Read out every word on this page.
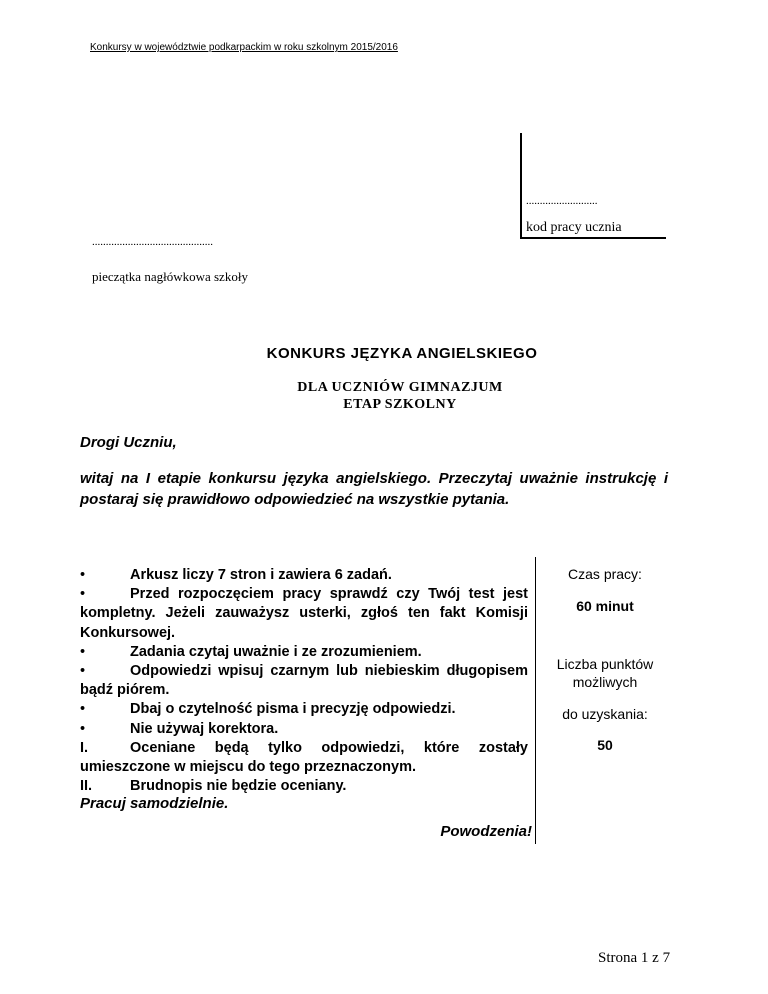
Konkursy w województwie podkarpackim w roku szkolnym 2015/2016
..........................
kod pracy ucznia
............................................
pieczątka nagłówkowa szkoły
KONKURS JĘZYKA ANGIELSKIEGO
DLA UCZNIÓW GIMNAZJUM
ETAP SZKOLNY
Drogi Uczniu,
witaj na I etapie konkursu języka angielskiego. Przeczytaj uważnie instrukcję i postaraj się prawidłowo odpowiedzieć na wszystkie pytania.

•	Arkusz liczy 7 stron i zawiera 6 zadań.

•	Przed rozpoczęciem pracy sprawdź czy Twój test jest kompletny. Jeżeli zauważysz usterki, zgłoś ten fakt Komisji Konkursowej.

•	Zadania czytaj uważnie i ze zrozumieniem.

•	Odpowiedzi wpisuj czarnym lub niebieskim długopisem bądź piórem.

•	Dbaj o czytelność pisma i precyzję odpowiedzi.

•	Nie używaj korektora.

I.	Oceniane będą tylko odpowiedzi, które zostały umieszczone w miejscu do tego przeznaczonym.

II.	Brudnopis nie będzie oceniany.

Czas pracy:
60 minut
Liczba punktów
możliwych
do uzyskania:
50
Pracuj samodzielnie.
Powodzenia!
Strona 1 z 7
